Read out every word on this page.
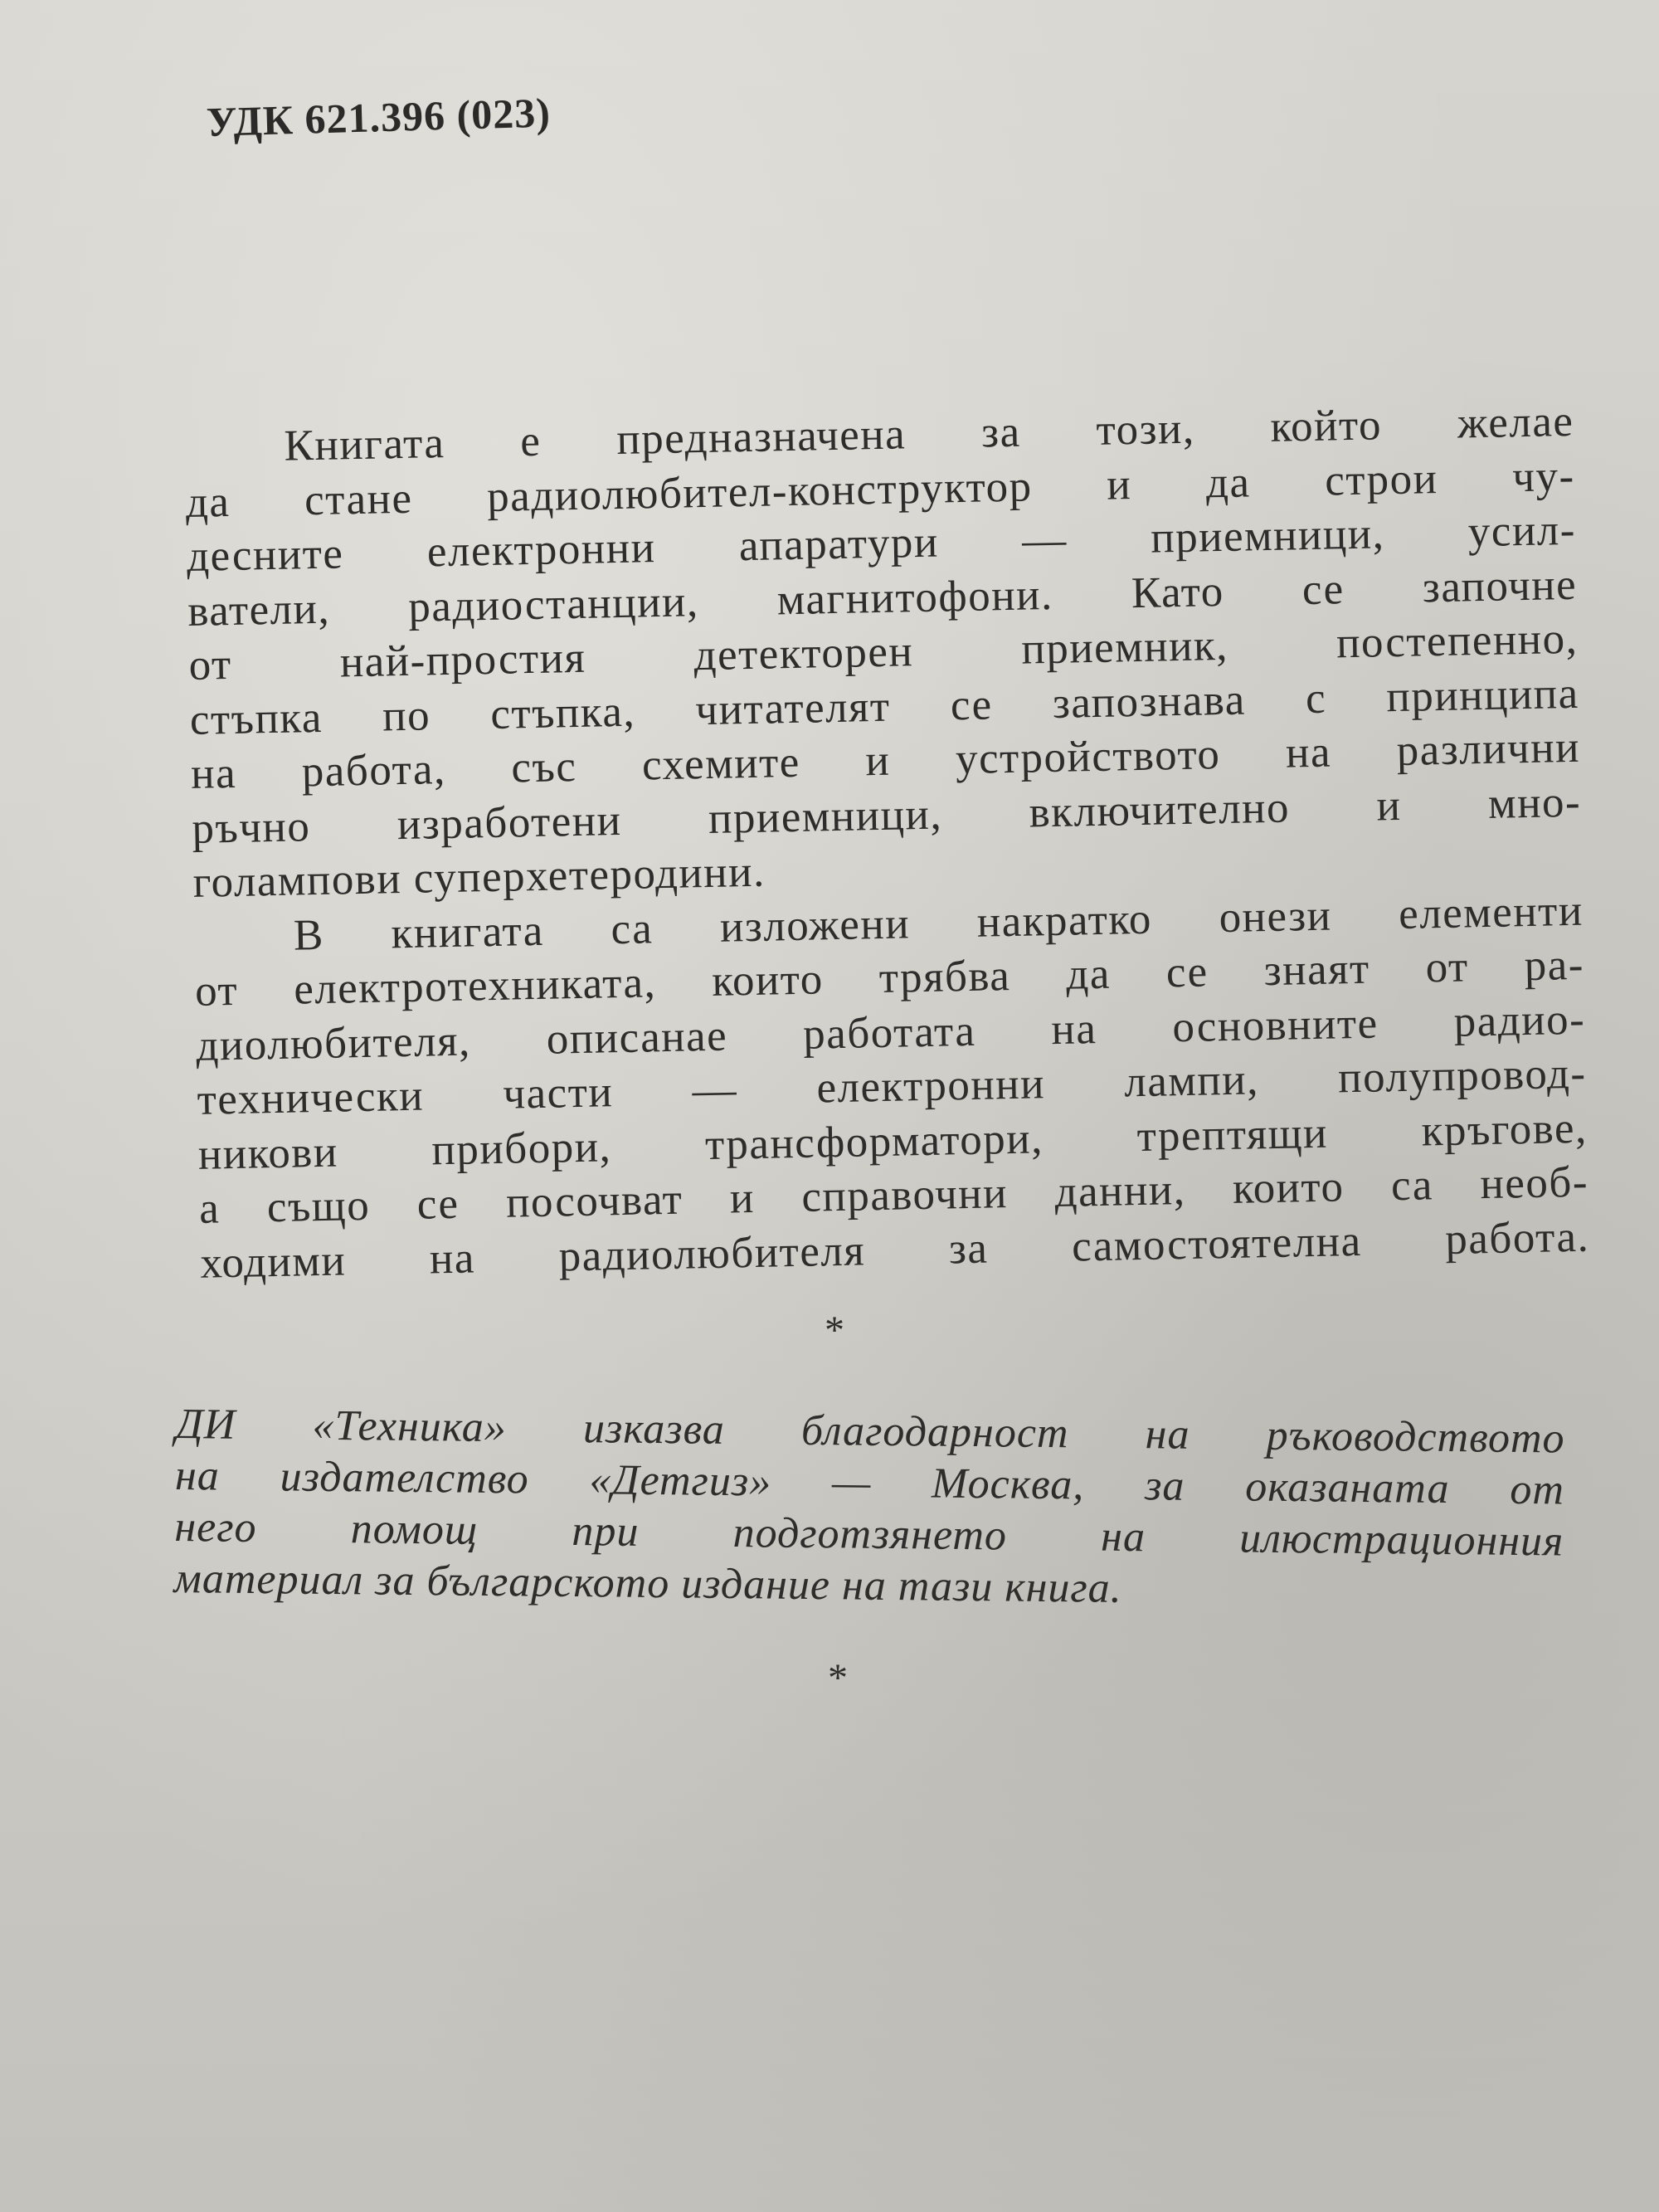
УДК 621.396 (023)
Книгата е предназначена за този, който желае
да стане радиолюбител-конструктор и да строи чу-
десните електронни апаратури — приемници, усил-
ватели, радиостанции, магнитофони. Като се започне
от най-простия детекторен приемник, постепенно,
стъпка по стъпка, читателят се запознава с принципа
на работа, със схемите и устройството на различни
ръчно изработени приемници, включително и мно-
голампови суперхетеродини.
В книгата са изложени накратко онези елементи
от електротехниката, които трябва да се знаят от ра-
диолюбителя, описанае работата на основните радио-
технически части — електронни лампи, полупровод-
никови прибори, трансформатори, трептящи кръгове,
а също се посочват и справочни данни, които са необ-
ходими на радиолюбителя за самостоятелна работа.
*
ДИ «Техника» изказва благодарност на ръководството
на издателство «Детгиз» — Москва, за оказаната от
него помощ при подготзянето на илюстрационния
материал за българското издание на тази книга.
*
